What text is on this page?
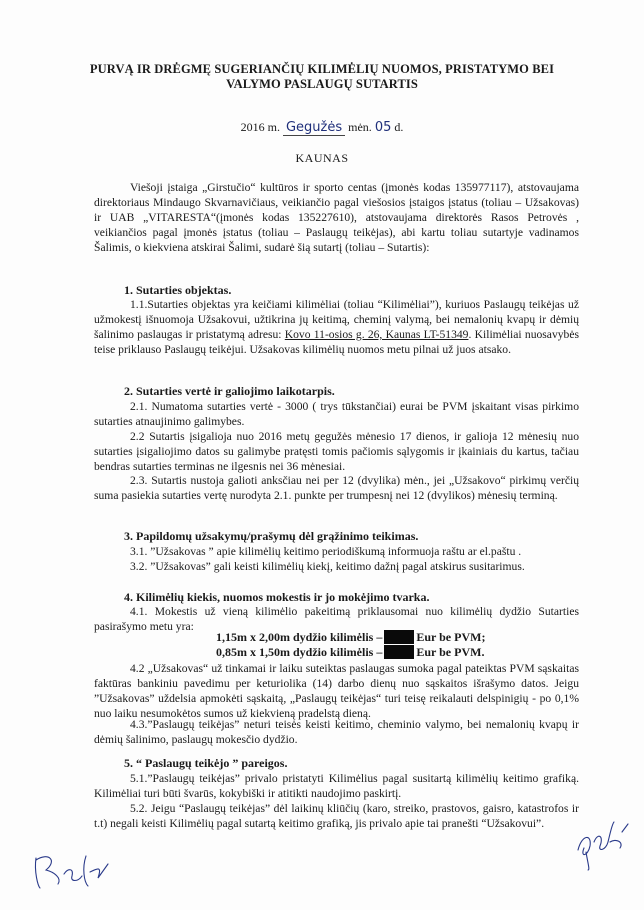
PURVĄ IR DRĖGMĘ SUGERIANČIŲ KILIMĖLIŲ NUOMOS, PRISTATYMO BEI
VALYMO PASLAUGŲ SUTARTIS
2016 m. Gegužės mėn. 05 d.
KAUNAS

Viešoji įstaiga „Girstučio“ kultūros ir sporto centas (įmonės kodas 135977117), atstovaujama direktoriaus Mindaugo Skvarnavičiaus, veikiančio pagal viešosios įstaigos įstatus (toliau – Užsakovas) ir UAB „VITARESTA“(įmonės kodas 135227610), atstovaujama direktorės Rasos Petrovės , veikiančios pagal įmonės įstatus (toliau – Paslaugų teikėjas), abi kartu toliau sutartyje vadinamos Šalimis, o kiekviena atskirai Šalimi, sudarė šią sutartį (toliau – Sutartis):

1. Sutarties objektas.

1.1.Sutarties objektas yra keičiami kilimėliai (toliau “Kilimėliai”), kuriuos Paslaugų teikėjas už užmokestį išnuomoja Užsakovui, užtikrina jų keitimą, cheminį valymą, bei nemalonių kvapų ir dėmių šalinimo paslaugas ir pristatymą adresu: Kovo 11-osios g. 26, Kaunas LT-51349. Kilimėliai nuosavybės teise priklauso Paslaugų teikėjui. Užsakovas kilimėlių nuomos metu pilnai už juos atsako.

2. Sutarties vertė ir galiojimo laikotarpis.

2.1. Numatoma sutarties vertė - 3000 ( trys tūkstančiai) eurai be PVM įskaitant visas pirkimo sutarties atnaujinimo galimybes.

2.2 Sutartis įsigalioja nuo 2016 metų gegužės mėnesio 17 dienos, ir galioja 12 mėnesių nuo sutarties įsigaliojimo datos su galimybe pratęsti tomis pačiomis sąlygomis ir įkainiais du kartus, tačiau bendras sutarties terminas ne ilgesnis nei 36 mėnesiai.

2.3. Sutartis nustoja galioti anksčiau nei per 12 (dvylika) mėn., jei „Užsakovo“ pirkimų verčių suma pasiekia sutarties vertę nurodyta 2.1. punkte per trumpesnį nei 12 (dvylikos) mėnesių terminą.

3. Papildomų užsakymų/prašymų dėl grąžinimo teikimas.

3.1. ”Užsakovas ” apie kilimėlių keitimo periodiškumą informuoja raštu ar el.paštu .

3.2. ”Užsakovas” gali keisti kilimėlių kiekį, keitimo dažnį pagal atskirus susitarimus.

4. Kilimėlių kiekis, nuomos mokestis ir jo mokėjimo tvarka.

4.1. Mokestis už vieną kilimėlio pakeitimą priklausomai nuo kilimėlių dydžio Sutarties pasirašymo metu yra:

1,15m x 2,00m dydžio kilimėlis –	Eur be PVM;
0,85m x 1,50m dydžio kilimėlis –	Eur be PVM.

4.2 „Užsakovas“ už tinkamai ir laiku suteiktas paslaugas sumoka pagal pateiktas PVM sąskaitas faktūras bankiniu pavedimu per keturiolika (14) darbo dienų nuo sąskaitos išrašymo datos. Jeigu ”Užsakovas” uždelsia apmokėti sąskaitą, „Paslaugų teikėjas“ turi teisę reikalauti delspinigių - po 0,1% nuo laiku nesumokėtos sumos už kiekvieną pradelstą dieną.

4.3.”Paslaugų teikėjas” neturi teisės keisti keitimo, cheminio valymo, bei nemalonių kvapų ir dėmių šalinimo, paslaugų mokesčio dydžio.

5. “ Paslaugų teikėjo ” pareigos.

5.1.”Paslaugų teikėjas” privalo pristatyti Kilimėlius pagal susitartą kilimėlių keitimo grafiką. Kilimėliai turi būti švarūs, kokybiški ir atitikti naudojimo paskirtį.

5.2. Jeigu “Paslaugų teikėjas” dėl laikinų kliūčių (karo, streiko, prastovos, gaisro, katastrofos ir t.t) negali keisti Kilimėlių pagal sutartą keitimo grafiką, jis privalo apie tai pranešti “Užsakovui”.
